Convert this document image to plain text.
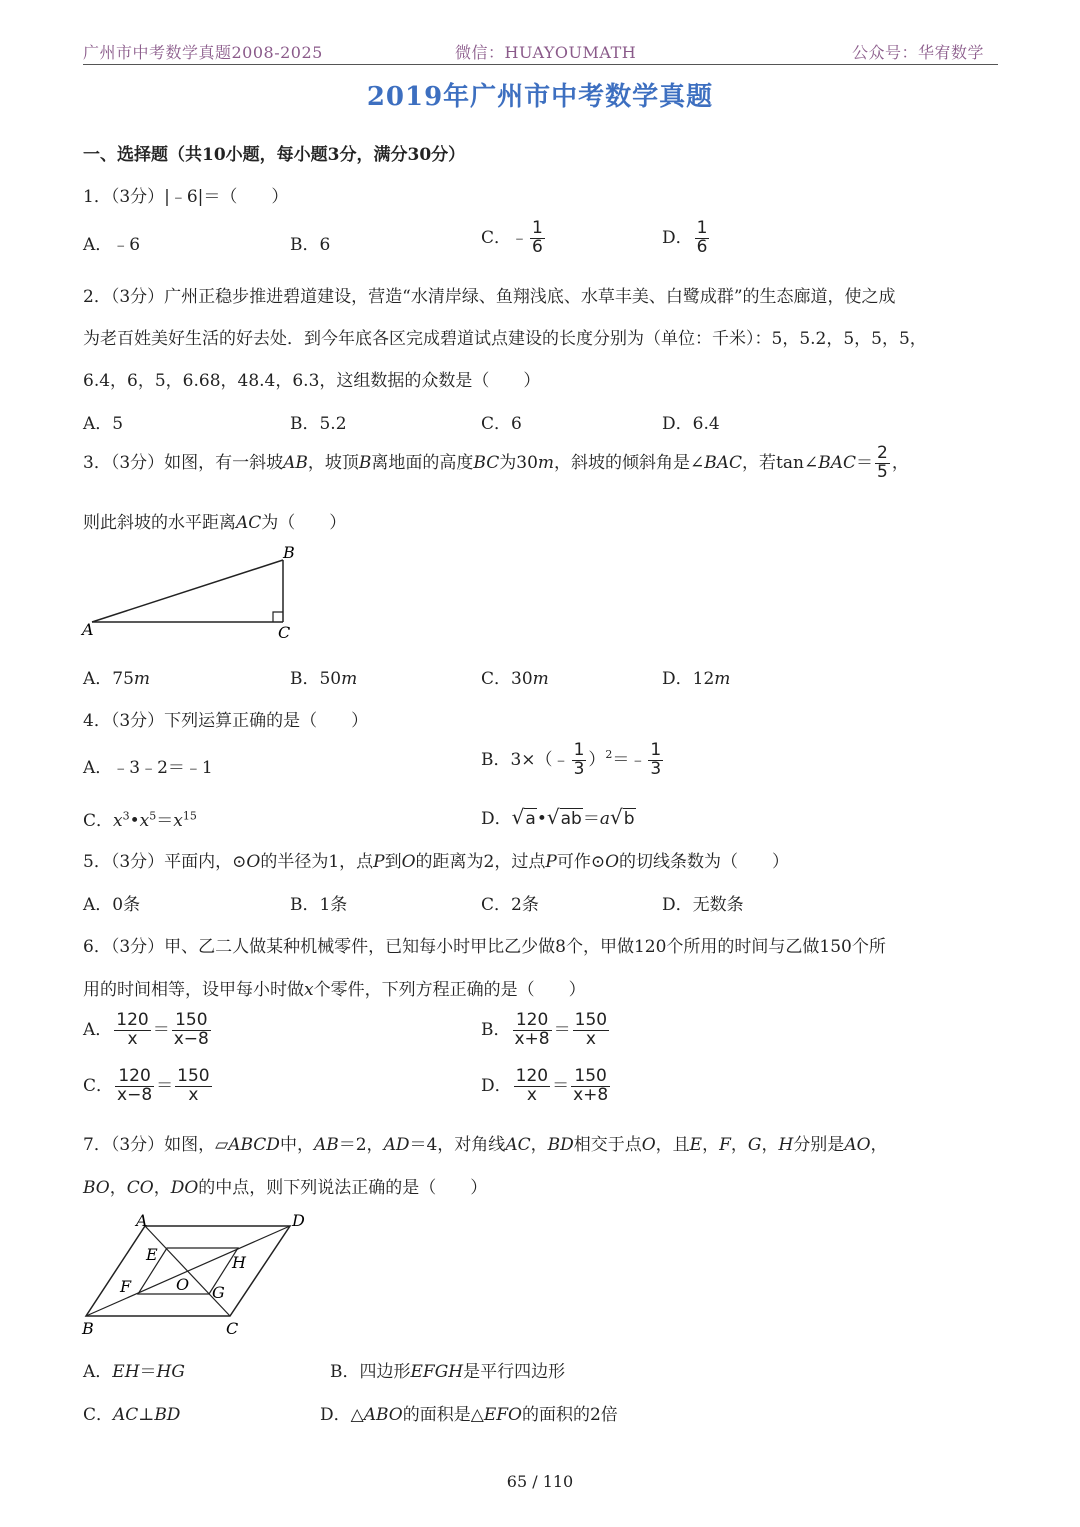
广州市中考数学真题2008-2025	微信：HUAYOUMATH	公众号：华宥数学
2019年广州市中考数学真题
一、选择题（共10小题，每小题3分，满分30分）
1．（3分）|﹣6|＝（　　）
A．﹣6	B．6	C．﹣ $\frac{1}{6}$	D． $\frac{1}{6}$
2．（3分）广州正稳步推进碧道建设，营造“水清岸绿、鱼翔浅底、水草丰美、白鹭成群”的生态廊道，使之成
为老百姓美好生活的好去处．到今年底各区完成碧道试点建设的长度分别为（单位：千米）：5，5.2，5，5，5，
6.4，6，5，6.68，48.4，6.3，这组数据的众数是（　　）
A．5	B．5.2	C．6	D．6.4
3．（3分）如图，有一斜坡AB，坡顶B离地面的高度BC为30m，斜坡的倾斜角是∠BAC，若tan∠BAC＝ $\frac{2}{5}$ ，
则此斜坡的水平距离AC为（　　）
A
B
C
A．75m	B．50m	C．30m	D．12m
4．（3分）下列运算正确的是（　　）
A．﹣3﹣2＝﹣1	B．3×（﹣ $\frac{1}{3}$ ）$^2$＝﹣ $\frac{1}{3}$
C．$x^3•x^5=x^{15}$	D．√a•√ab＝a√b
5．（3分）平面内，⊙O的半径为1，点P到O的距离为2，过点P可作⊙O的切线条数为（　　）
A．0条	B．1条	C．2条	D．无数条
6．（3分）甲、乙二人做某种机械零件，已知每小时甲比乙少做8个，甲做120个所用的时间与乙做150个所
用的时间相等，设甲每小时做x个零件，下列方程正确的是（　　）
A． $\frac{120}{x} = \frac{150}{x-8}$	B． $\frac{120}{x+8} = \frac{150}{x}$
C． $\frac{120}{x-8} = \frac{150}{x}$	D． $\frac{120}{x} = \frac{150}{x+8}$
7．（3分）如图，▱ABCD中，AB＝2，AD＝4，对角线AC，BD相交于点O，且E，F，G，H分别是AO，
BO，CO，DO的中点，则下列说法正确的是（　　）
A	D
B	C
E	H
F	G
O
A．EH＝HG	B．四边形EFGH是平行四边形
C．AC⊥BD	D．△ABO的面积是△EFO的面积的2倍
65 / 110
